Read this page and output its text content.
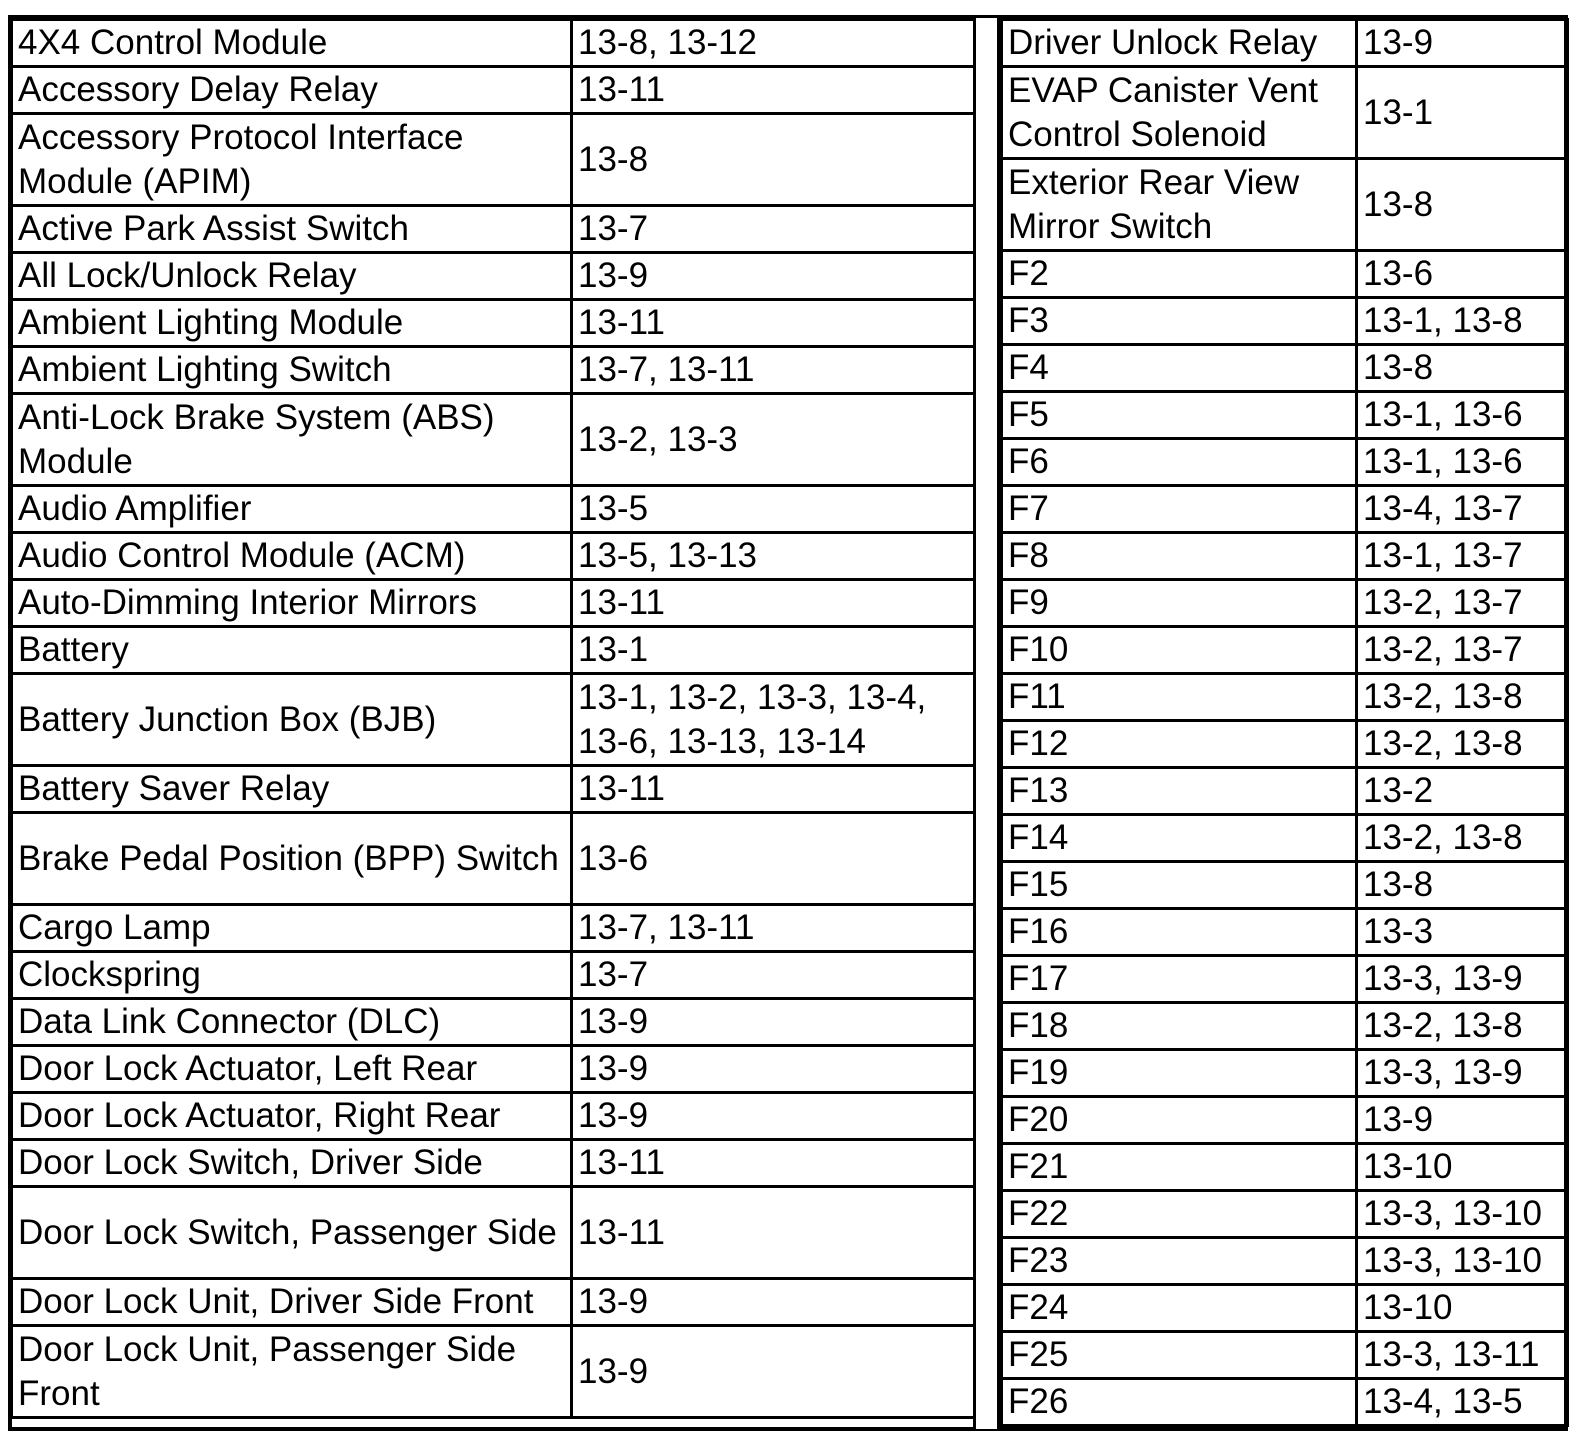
4X4 Control Module	13-8, 13-12
Accessory Delay Relay	13-11
Accessory Protocol Interface Module (APIM)	13-8
Active Park Assist Switch	13-7
All Lock/Unlock Relay	13-9
Ambient Lighting Module	13-11
Ambient Lighting Switch	13-7, 13-11
Anti-Lock Brake System (ABS) Module	13-2, 13-3
Audio Amplifier	13-5
Audio Control Module (ACM)	13-5, 13-13
Auto-Dimming Interior Mirrors	13-11
Battery	13-1
Battery Junction Box (BJB)	13-1, 13-2, 13-3, 13-4, 13-6, 13-13, 13-14
Battery Saver Relay	13-11
Brake Pedal Position (BPP) Switch	13-6
Cargo Lamp	13-7, 13-11
Clockspring	13-7
Data Link Connector (DLC)	13-9
Door Lock Actuator, Left Rear	13-9
Door Lock Actuator, Right Rear	13-9
Door Lock Switch, Driver Side	13-11
Door Lock Switch, Passenger Side	13-11
Door Lock Unit, Driver Side Front	13-9
Door Lock Unit, Passenger Side Front	13-9
Driver Unlock Relay	13-9
EVAP Canister Vent Control Solenoid	13-1
Exterior Rear View Mirror Switch	13-8
F2	13-6
F3	13-1, 13-8
F4	13-8
F5	13-1, 13-6
F6	13-1, 13-6
F7	13-4, 13-7
F8	13-1, 13-7
F9	13-2, 13-7
F10	13-2, 13-7
F11	13-2, 13-8
F12	13-2, 13-8
F13	13-2
F14	13-2, 13-8
F15	13-8
F16	13-3
F17	13-3, 13-9
F18	13-2, 13-8
F19	13-3, 13-9
F20	13-9
F21	13-10
F22	13-3, 13-10
F23	13-3, 13-10
F24	13-10
F25	13-3, 13-11
F26	13-4, 13-5
